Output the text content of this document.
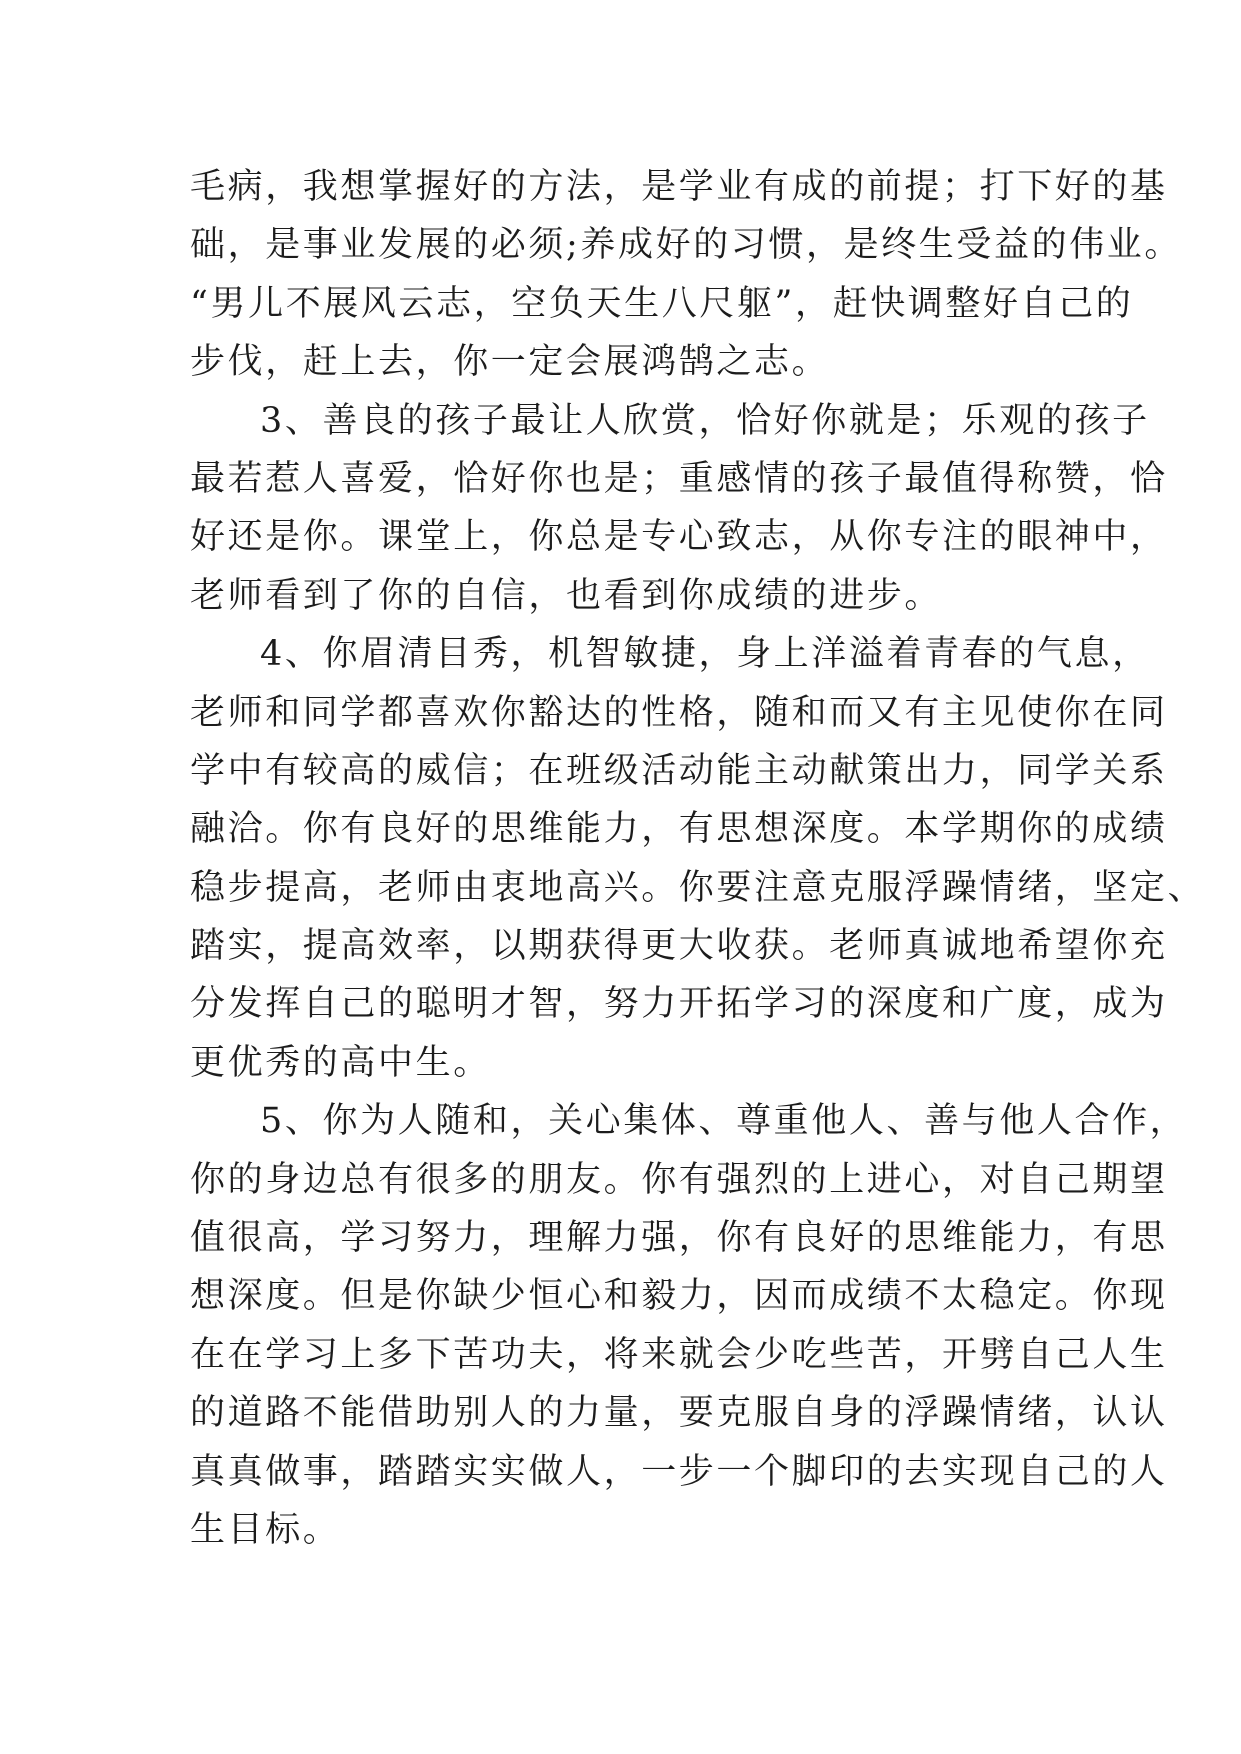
毛病，我想掌握好的方法，是学业有成的前提；打下好的基
础，是事业发展的必须;养成好的习惯，是终生受益的伟业。
“男儿不展风云志，空负天生八尺躯”，赶快调整好自己的
步伐，赶上去，你一定会展鸿鹄之志。
3、善良的孩子最让人欣赏，恰好你就是；乐观的孩子
最若惹人喜爱，恰好你也是；重感情的孩子最值得称赞，恰
好还是你。课堂上，你总是专心致志，从你专注的眼神中，
老师看到了你的自信，也看到你成绩的进步。
4、你眉清目秀，机智敏捷，身上洋溢着青春的气息，
老师和同学都喜欢你豁达的性格，随和而又有主见使你在同
学中有较高的威信；在班级活动能主动献策出力，同学关系
融洽。你有良好的思维能力，有思想深度。本学期你的成绩
稳步提高，老师由衷地高兴。你要注意克服浮躁情绪，坚定、
踏实，提高效率，以期获得更大收获。老师真诚地希望你充
分发挥自己的聪明才智，努力开拓学习的深度和广度，成为
更优秀的高中生。
5、你为人随和，关心集体、尊重他人、善与他人合作，
你的身边总有很多的朋友。你有强烈的上进心，对自己期望
值很高，学习努力，理解力强，你有良好的思维能力，有思
想深度。但是你缺少恒心和毅力，因而成绩不太稳定。你现
在在学习上多下苦功夫，将来就会少吃些苦，开劈自己人生
的道路不能借助别人的力量，要克服自身的浮躁情绪，认认
真真做事，踏踏实实做人，一步一个脚印的去实现自己的人
生目标。
